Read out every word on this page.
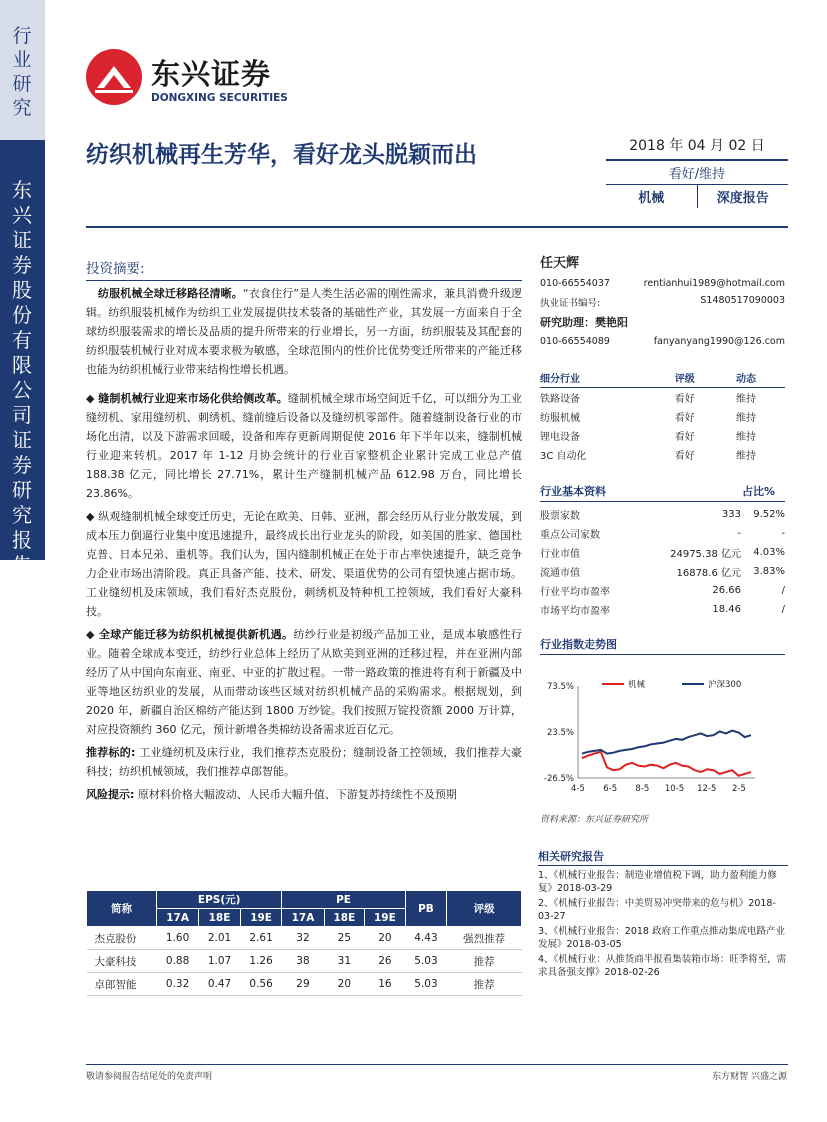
行业研究
东兴证券股份有限公司证券研究报告
东兴证券
DONGXING SECURITIES
纺织机械再生芳华，看好龙头脱颖而出	2018 年 04 月 02 日
看好/维持
机械	深度报告
投资摘要:

纺服机械全球迁移路径清晰。“衣食住行”是人类生活必需的刚性需求，兼具消费升级逻辑。纺织服装机械作为纺织工业发展提供技术装备的基础性产业，其发展一方面来自于全球纺织服装需求的增长及品质的提升所带来的行业增长，另一方面，纺织服装及其配套的纺织服装机械行业对成本要求极为敏感，全球范围内的性价比优势变迁所带来的产能迁移也能为纺织机械行业带来结构性增长机遇。

◆ 缝制机械行业迎来市场化供给侧改革。缝制机械全球市场空间近千亿，可以细分为工业缝纫机、家用缝纫机、刺绣机、缝前缝后设备以及缝纫机零部件。随着缝制设备行业的市场化出清，以及下游需求回暖，设备和库存更新周期促使 2016 年下半年以来，缝制机械行业迎来转机。2017 年 1-12 月协会统计的行业百家整机企业累计完成工业总产值 188.38 亿元，同比增长 27.71%，累计生产缝制机械产品 612.98 万台，同比增长 23.86%。

◆ 纵观缝制机械全球变迁历史，无论在欧美、日韩、亚洲，都会经历从行业分散发展，到成本压力倒逼行业集中度迅速提升，最终成长出行业龙头的阶段，如美国的胜家、德国杜克普、日本兄弟、重机等。我们认为，国内缝制机械正在处于市占率快速提升，缺乏竞争力企业市场出清阶段。真正具备产能、技术、研发、渠道优势的公司有望快速占据市场。工业缝纫机及床领域，我们看好杰克股份，刺绣机及特种机工控领域，我们看好大豪科技。

◆ 全球产能迁移为纺织机械提供新机遇。纺纱行业是初级产品加工业，是成本敏感性行业。随着全球成本变迁，纺纱行业总体上经历了从欧美到亚洲的迁移过程，并在亚洲内部经历了从中国向东南亚、南亚、中亚的扩散过程。一带一路政策的推进将有利于新疆及中亚等地区纺织业的发展，从而带动该些区域对纺织机械产品的采购需求。根据规划，到 2020 年，新疆自治区棉纺产能达到 1800 万纱锭。我们按照万锭投资额 2000 万计算，对应投资额约 360 亿元，预计新增各类棉纺设备需求近百亿元。

推荐标的: 工业缝纫机及床行业，我们推荐杰克股份；缝制设备工控领域，我们推荐大豪科技；纺织机械领域，我们推荐卓郎智能。

风险提示: 原材料价格大幅波动、人民币大幅升值、下游复苏持续性不及预期

简称	EPS(元)			PE			PB	评级
	17A	18E	19E	17A	18E	19E		
杰克股份	1.60	2.01	2.61	32	25	20	4.43	强烈推荐
大豪科技	0.88	1.07	1.26	38	31	26	5.03	推荐
卓郎智能	0.32	0.47	0.56	29	20	16	5.03	推荐
任天辉
010-66554037	rentianhui1989@hotmail.com
执业证书编号:	S1480517090003
研究助理：樊艳阳
010-66554089	fanyanyang1990@126.com
细分行业	评级	动态
铁路设备	看好	维持
纺服机械	看好	维持
锂电设备	看好	维持
3C 自动化	看好	维持
行业基本资料	占比%
股票家数	333	9.52%
重点公司家数	-	-
行业市值	24975.38 亿元	4.03%
流通市值	16878.6 亿元	3.83%
行业平均市盈率	26.66	/
市场平均市盈率	18.46	/
行业指数走势图
73.5%
23.5%
-26.5%
4-5 6-5 8-5 10-5 12-5 2-5
机械	沪深300
资料来源：东兴证券研究所
相关研究报告
1、《机械行业报告：制造业增值税下调，助力盈利能力修复》2018-03-29
2、《机械行业报告：中美贸易冲突带来的危与机》2018-03-27
3、《机械行业报告：2018 政府工作重点推动集成电路产业发展》2018-03-05
4、《机械行业：从推货商半报看集装箱市场：旺季将至，需求具备强支撑》2018-02-26
敬请参阅报告结尾处的免责声明	东方财智 兴盛之源
